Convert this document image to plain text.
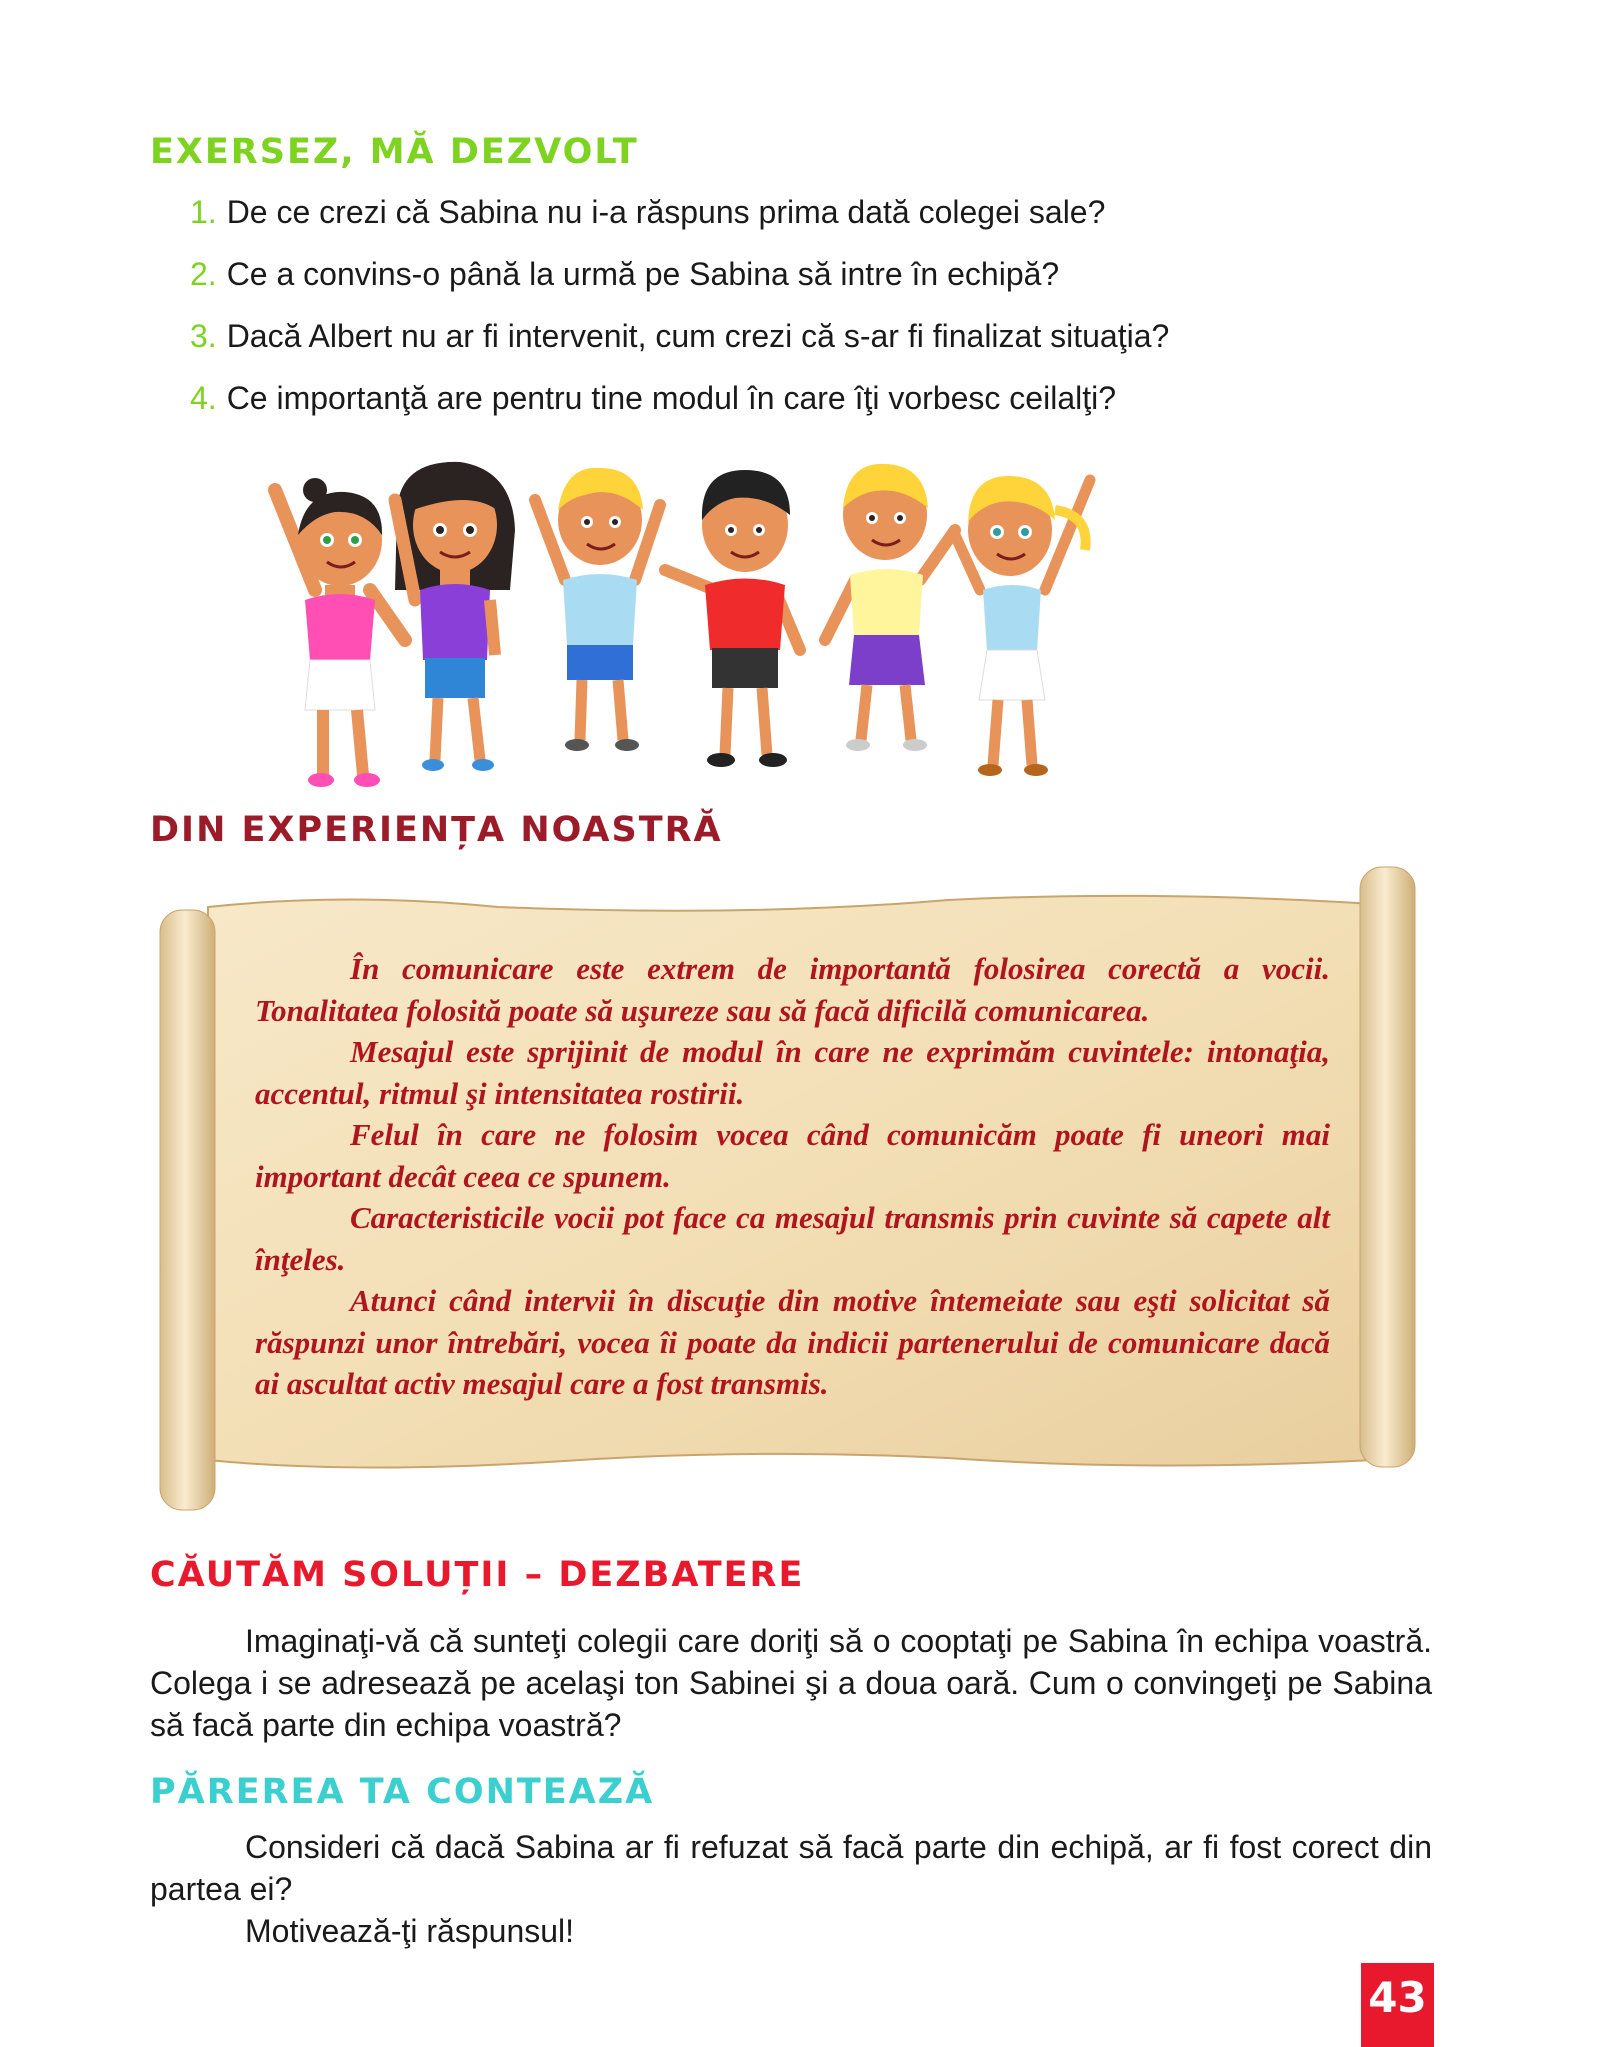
EXERSEZ, MĂ DEZVOLT
1. De ce crezi că Sabina nu i-a răspuns prima dată colegei sale?
2. Ce a convins-o până la urmă pe Sabina să intre în echipă?
3. Dacă Albert nu ar fi intervenit, cum crezi că s-ar fi finalizat situaţia?
4. Ce importanţă are pentru tine modul în care îţi vorbesc ceilalţi?
DIN EXPERIENȚA NOASTRĂ
În comunicare este extrem de importantă folosirea corectă a vocii. Tonalitatea folosită poate să uşureze sau să facă dificilă comunicarea.
Mesajul este sprijinit de modul în care ne exprimăm cuvintele: intonaţia, accentul, ritmul şi intensitatea rostirii.
Felul în care ne folosim vocea când comunicăm poate fi uneori mai important decât ceea ce spunem.
Caracteristicile vocii pot face ca mesajul transmis prin cuvinte să capete alt înţeles.
Atunci când intervii în discuţie din motive întemeiate sau eşti solicitat să răspunzi unor întrebări, vocea îi poate da indicii partenerului de comunicare dacă ai ascultat activ mesajul care a fost transmis.
CĂUTĂM SOLUȚII – DEZBATERE

Imaginaţi-vă că sunteţi colegii care doriţi să o cooptaţi pe Sabina în echipa voastră. Colega i se adresează pe acelaşi ton Sabinei şi a doua oară. Cum o convingeţi pe Sabina să facă parte din echipa voastră?

PĂREREA TA CONTEAZĂ

Consideri că dacă Sabina ar fi refuzat să facă parte din echipă, ar fi fost corect din partea ei?
Motivează-ţi răspunsul!

43
